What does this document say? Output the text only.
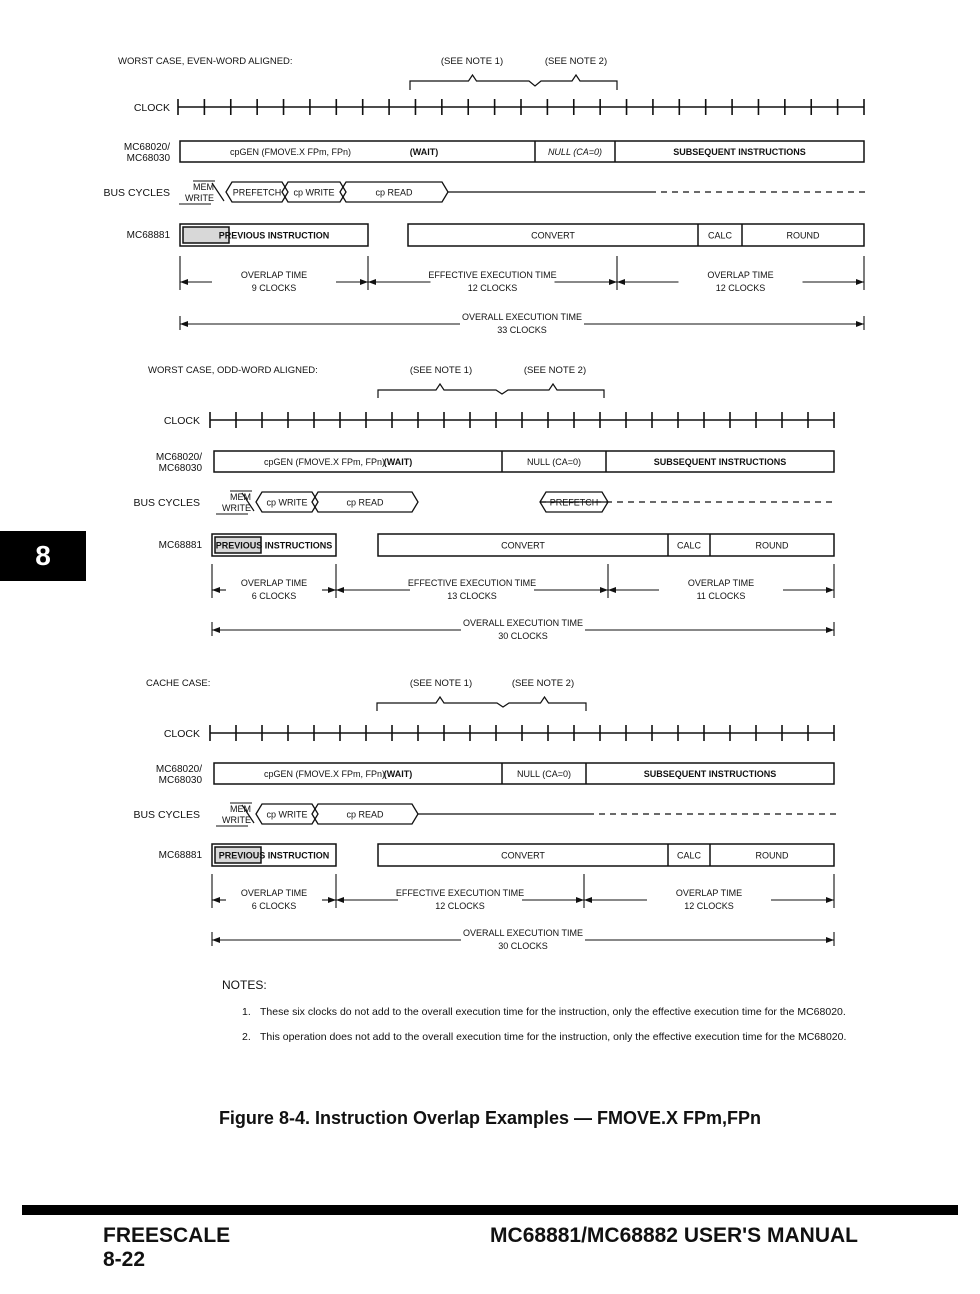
8
WORST CASE, EVEN-WORD ALIGNED:	(SEE NOTE 1)	(SEE NOTE 2)
CLOCK
MC68020/
MC68030
cpGEN (FMOVE.X FPm, FPn)	(WAIT)	NULL (CA=0)	SUBSEQUENT INSTRUCTIONS
BUS CYCLES	MEM
WRITE
PREFETCH cp WRITE	cp READ
MC68881	PREVIOUS INSTRUCTION	CONVERT	CALC	ROUND
OVERLAP TIME
9 CLOCKS
EFFECTIVE EXECUTION TIME
12 CLOCKS
OVERLAP TIME
12 CLOCKS
OVERALL EXECUTION TIME
33 CLOCKS
WORST CASE, ODD-WORD ALIGNED:	(SEE NOTE 1)	(SEE NOTE 2)
CLOCK
MC68020/
MC68030
cpGEN (FMOVE.X FPm, FPn)
(WAIT)	NULL (CA=0)	SUBSEQUENT INSTRUCTIONS
BUS CYCLES	MEM
WRITE
cp WRITE	cp READ	PREFETCH
MC68881 PREVIOUS INSTRUCTIONS	CONVERT	CALC	ROUND
OVERLAP TIME
6 CLOCKS
EFFECTIVE EXECUTION TIME
13 CLOCKS
OVERLAP TIME
11 CLOCKS
OVERALL EXECUTION TIME
30 CLOCKS
CACHE CASE:	(SEE NOTE 1)	(SEE NOTE 2)
CLOCK
MC68020/
MC68030
cpGEN (FMOVE.X FPm, FPn)
(WAIT)	NULL (CA=0)	SUBSEQUENT INSTRUCTIONS
BUS CYCLES	MEM
WRITE
cp WRITE	cp READ
MC68881 PREVIOUS INSTRUCTION	CONVERT	CALC	ROUND
OVERLAP TIME
6 CLOCKS
EFFECTIVE EXECUTION TIME
12 CLOCKS
OVERLAP TIME
12 CLOCKS
OVERALL EXECUTION TIME
30 CLOCKS
NOTES:
1. These six clocks do not add to the overall execution time for the instruction, only the effective execution time for the MC68020.
2. This operation does not add to the overall execution time for the instruction, only the effective execution time for the MC68020.
Figure 8-4. Instruction Overlap Examples — FMOVE.X FPm,FPn
FREESCALE
8-22
MC68881/MC68882 USER'S MANUAL
